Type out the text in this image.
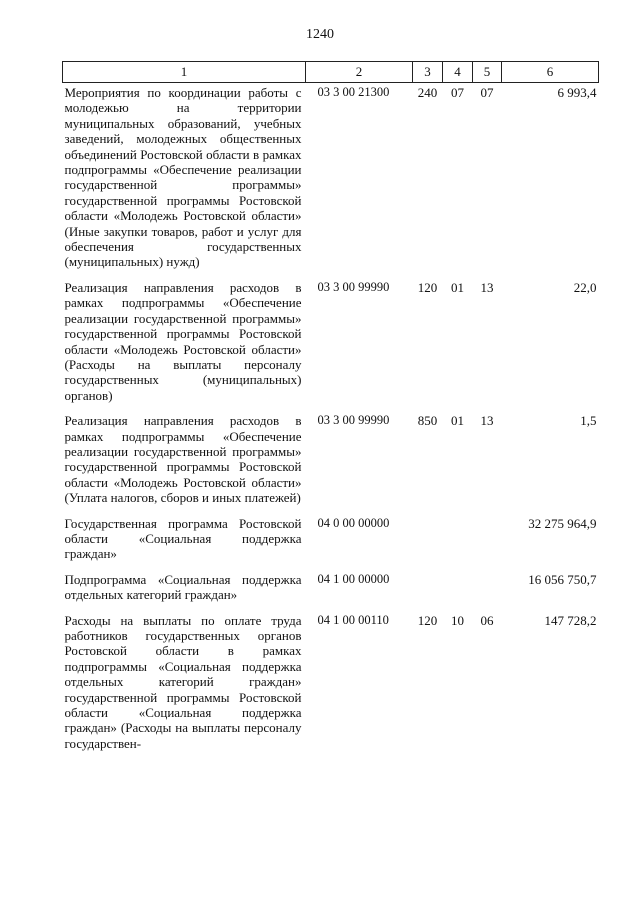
1240
1	2	3	4	5	6
Мероприятия по координации работы с молодежью на территории муниципальных образований, учебных заведений, молодежных общественных объединений Ростовской области в рамках подпрограммы «Обеспечение реализации государственной программы» государственной программы Ростовской области «Молодежь Ростовской области» (Иные закупки товаров, работ и услуг для обеспечения государственных (муниципальных) нужд)	03 3 00 21300	240	07	07	6 993,4
Реализация направления расходов в рамках подпрограммы «Обеспечение реализации государственной программы» государственной программы Ростовской области «Молодежь Ростовской области» (Расходы на выплаты персоналу государственных (муниципальных) органов)	03 3 00 99990	120	01	13	22,0
Реализация направления расходов в рамках подпрограммы «Обеспечение реализации государственной программы» государственной программы Ростовской области «Молодежь Ростовской области» (Уплата налогов, сборов и иных платежей)	03 3 00 99990	850	01	13	1,5
Государственная программа Ростовской области «Социальная поддержка граждан»	04 0 00 00000				32 275 964,9
Подпрограмма «Социальная поддержка отдельных категорий граждан»	04 1 00 00000				16 056 750,7
Расходы на выплаты по оплате труда работников государственных органов Ростовской области в рамках подпрограммы «Социальная поддержка отдельных категорий граждан» государственной программы Ростовской области «Социальная поддержка граждан» (Расходы на выплаты персоналу государствен-	04 1 00 00110	120	10	06	147 728,2
